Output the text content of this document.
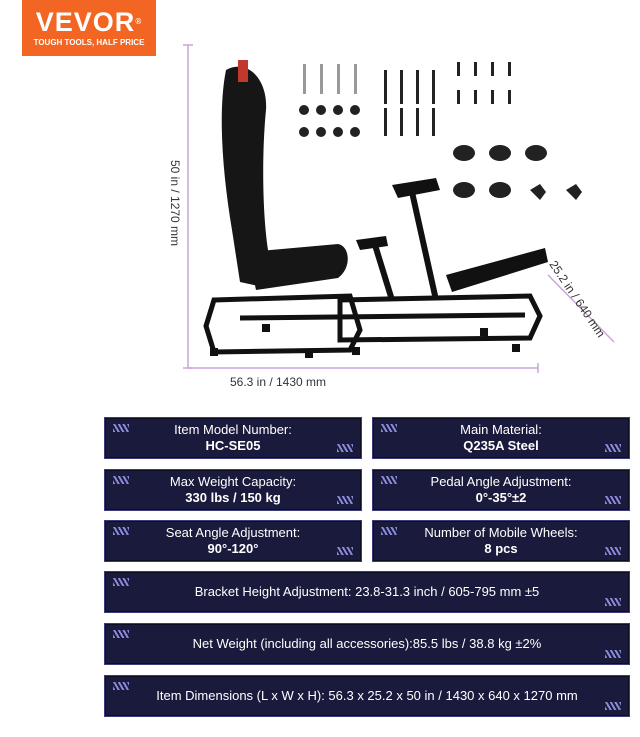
VEVOR®
TOUGH TOOLS, HALF PRICE
50 in / 1270 mm
56.3 in / 1430 mm
25.2 in / 640 mm
Item Model Number:
HC-SE05
Main Material:
Q235A Steel
Max Weight Capacity:
330 lbs / 150 kg
Pedal Angle Adjustment:
0°-35°±2
Seat Angle Adjustment:
90°-120°
Number of Mobile Wheels:
8 pcs
Bracket Height Adjustment: 23.8-31.3 inch / 605-795 mm ±5
Net Weight (including all accessories):85.5 lbs / 38.8 kg ±2%
Item Dimensions (L x W x H): 56.3 x 25.2 x 50 in / 1430 x 640 x 1270 mm
